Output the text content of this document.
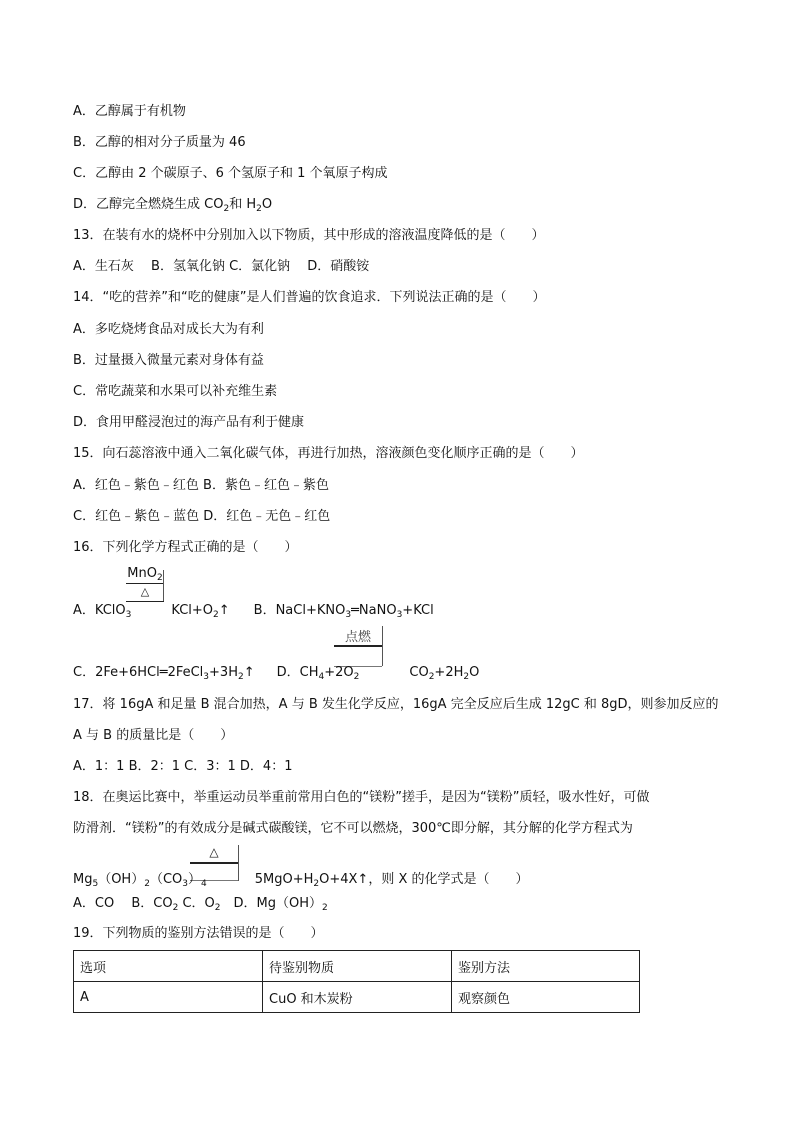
A．乙醇属于有机物
B．乙醇的相对分子质量为 46
C．乙醇由 2 个碳原子、6 个氢原子和 1 个氧原子构成
D．乙醇完全燃烧生成 $CO_2$和 $H_2O$
13．在装有水的烧杯中分别加入以下物质，其中形成的溶液温度降低的是（　　）
A．生石灰　 B．氢氧化钠 C．氯化钠　 D．硝酸铵
14．“吃的营养”和“吃的健康”是人们普遍的饮食追求．下列说法正确的是（　　）
A．多吃烧烤食品对成长大为有利
B．过量摄入微量元素对身体有益
C．常吃蔬菜和水果可以补充维生素
D．食用甲醛浸泡过的海产品有利于健康
15．向石蕊溶液中通入二氧化碳气体，再进行加热，溶液颜色变化顺序正确的是（　　）
A．红色﹣紫色﹣红色 B．紫色﹣红色﹣紫色
C．红色﹣紫色﹣蓝色 D．红色﹣无色﹣红色
16．下列化学方程式正确的是（　　）
MnO$_2$
△
A．KClO$_3$	$KCl+O_2↑$ B．$NaCl+KNO_3═NaNO_3+KCl$
点燃
C．$2Fe+6HCl═2FeCl_3+3H_2↑$ D．$CH_4+2O_2$	$CO_2+2H_2O$
17．将 16gA 和足量 B 混合加热，A 与 B 发生化学反应，16gA 完全反应后生成 12gC 和 8gD，则参加反应的
A 与 B 的质量比是（　　）
A．1：1 B．2：1 C．3：1 D．4：1
18．在奥运比赛中，举重运动员举重前常用白色的“镁粉”搓手，是因为“镁粉”质轻，吸水性好，可做
防滑剂．“镁粉”的有效成分是碱式碳酸镁，它不可以燃烧，300℃即分解，其分解的化学方程式为
△
$Mg_5(OH)_2(CO_3)_4$	$5MgO+H_2O+4X↑$，则 X 的化学式是（　　）
A．CO　 B．$CO_2$ C．$O_2$　D．$Mg(OH)_2$
19．下列物质的鉴别方法错误的是（　　）
选项	待鉴别物质	鉴别方法
A	CuO 和木炭粉	观察颜色
